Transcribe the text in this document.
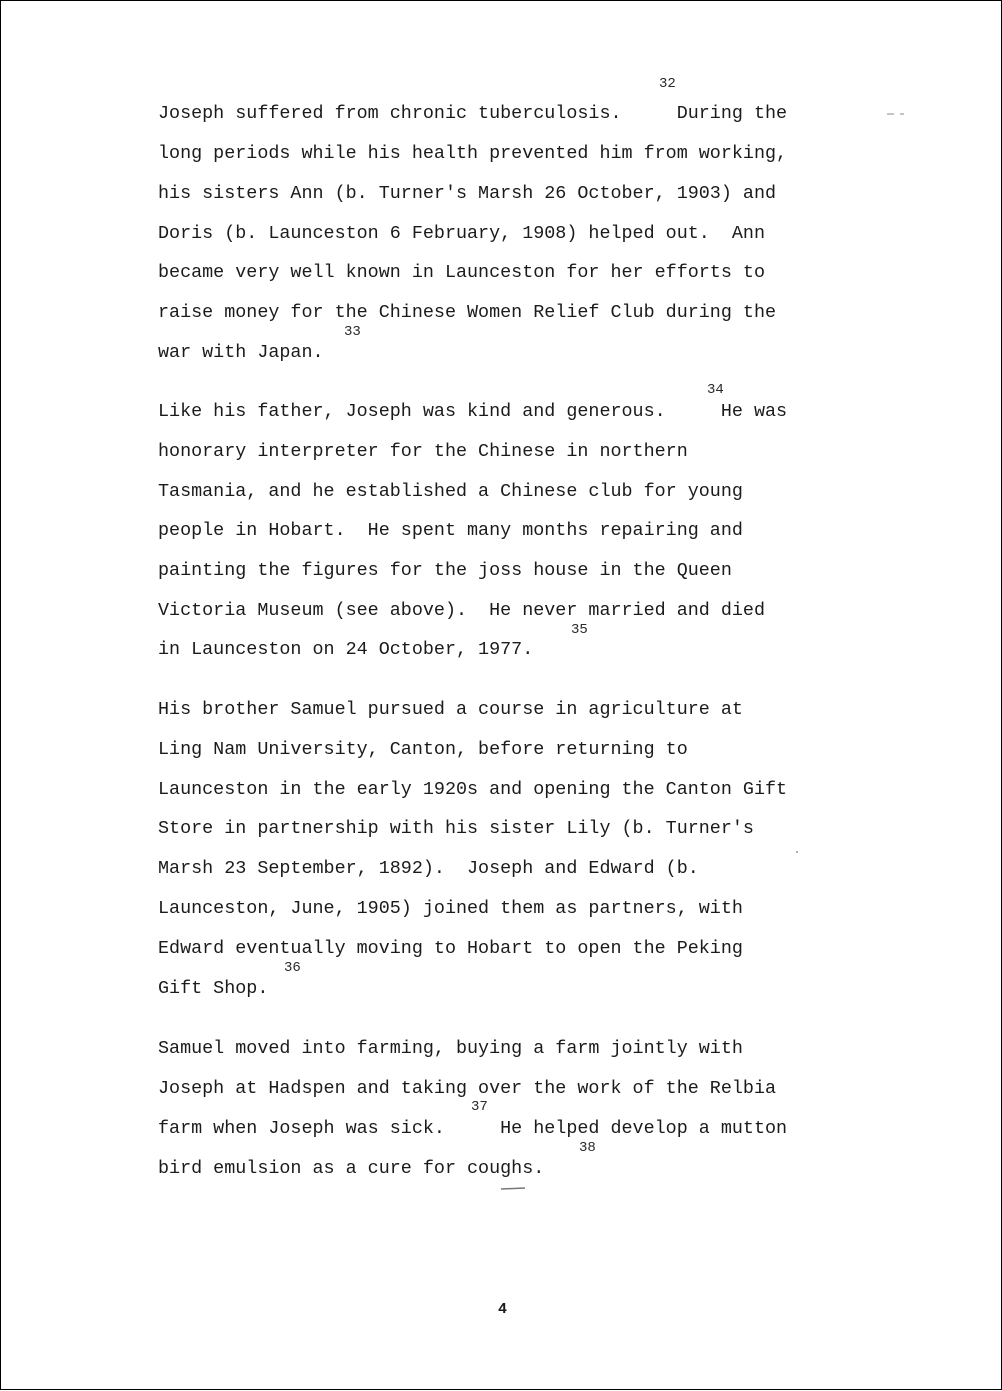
32
Joseph suffered from chronic tuberculosis.     During the
long periods while his health prevented him from working,
his sisters Ann (b. Turner's Marsh 26 October, 1903) and
Doris (b. Launceston 6 February, 1908) helped out.  Ann
became very well known in Launceston for her efforts to
raise money for the Chinese Women Relief Club during the
33
war with Japan.
34
Like his father, Joseph was kind and generous.     He was
honorary interpreter for the Chinese in northern
Tasmania, and he established a Chinese club for young
people in Hobart.  He spent many months repairing and
painting the figures for the joss house in the Queen
Victoria Museum (see above).  He never married and died
35
in Launceston on 24 October, 1977.
His brother Samuel pursued a course in agriculture at
Ling Nam University, Canton, before returning to
Launceston in the early 1920s and opening the Canton Gift
Store in partnership with his sister Lily (b. Turner's
Marsh 23 September, 1892).  Joseph and Edward (b.
Launceston, June, 1905) joined them as partners, with
Edward eventually moving to Hobart to open the Peking
36
Gift Shop.
Samuel moved into farming, buying a farm jointly with
Joseph at Hadspen and taking over the work of the Relbia
37
farm when Joseph was sick.     He helped develop a mutton
38
bird emulsion as a cure for coughs.
4
